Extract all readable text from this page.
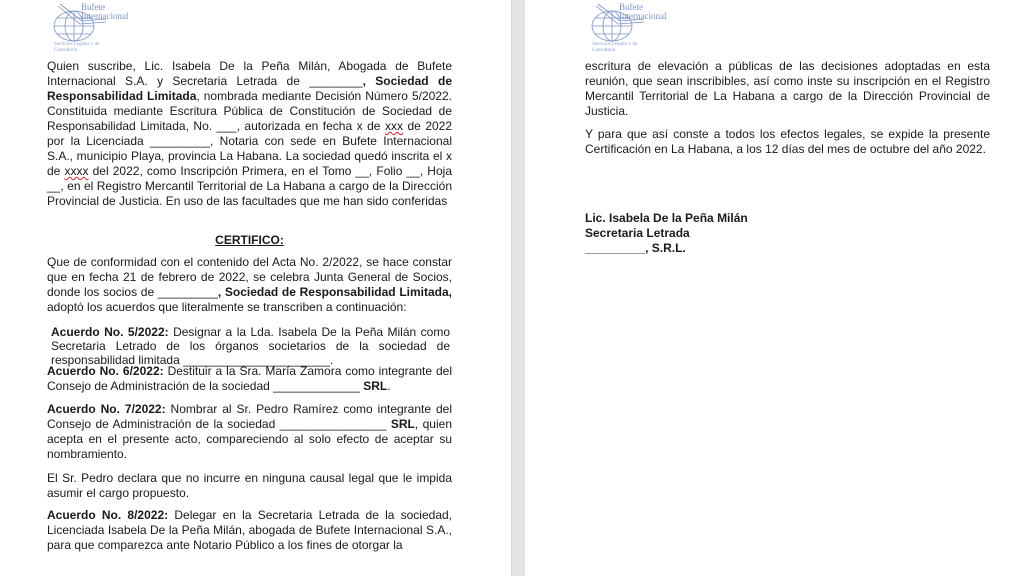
Bufete Internacional
Servicios Legales y de Consultoria
Quien suscribe, Lic. Isabela De la Peña Milán, Abogada de Bufete Internacional S.A. y Secretaria Letrada de ________, Sociedad de Responsabilidad Limitada, nombrada mediante Decisión Número 5/2022. Constituida mediante Escritura Pública de Constitución de Sociedad de Responsabilidad Limitada, No. ___, autorizada en fecha x de xxx de 2022 por la Licenciada _________, Notaria con sede en Bufete Internacional S.A., municipio Playa, provincia La Habana. La sociedad quedó inscrita el x de xxxx del 2022, como Inscripción Primera, en el Tomo __, Folio __, Hoja __, en el Registro Mercantil Territorial de La Habana a cargo de la Dirección Provincial de Justicia. En uso de las facultades que me han sido conferidas
CERTIFICO:
Que de conformidad con el contenido del Acta No. 2/2022, se hace constar que en fecha 21 de febrero de 2022, se celebra Junta General de Socios, donde los socios de _________, Sociedad de Responsabilidad Limitada, adoptó los acuerdos que literalmente se transcriben a continuación:
Acuerdo No. 5/2022: Designar a la Lda. Isabela De la Peña Milán como Secretaria Letrado de los órganos societarios de la sociedad de responsabilidad limitada ______________________.
Acuerdo No. 6/2022: Destituir a la Sra. María Zamora como integrante del Consejo de Administración de la sociedad _____________ SRL.
Acuerdo No. 7/2022: Nombrar al Sr. Pedro Ramírez como integrante del Consejo de Administración de la sociedad ________________ SRL, quien acepta en el presente acto, compareciendo al solo efecto de aceptar su nombramiento.
El Sr. Pedro declara que no incurre en ninguna causal legal que le impida asumir el cargo propuesto.
Acuerdo No. 8/2022: Delegar en la Secretaria Letrada de la sociedad, Licenciada Isabela De la Peña Milán, abogada de Bufete Internacional S.A., para que comparezca ante Notario Público a los fines de otorgar la
Bufete Internacional
Servicios Legales y de Consultoria
escritura de elevación a públicas de las decisiones adoptadas en esta reunión, que sean inscribibles, así como inste su inscripción en el Registro Mercantil Territorial de La Habana a cargo de la Dirección Provincial de Justicia.
Y para que así conste a todos los efectos legales, se expide la presente Certificación en La Habana, a los 12 días del mes de octubre del año 2022.
Lic. Isabela De la Peña Milán
Secretaria Letrada
_________, S.R.L.
